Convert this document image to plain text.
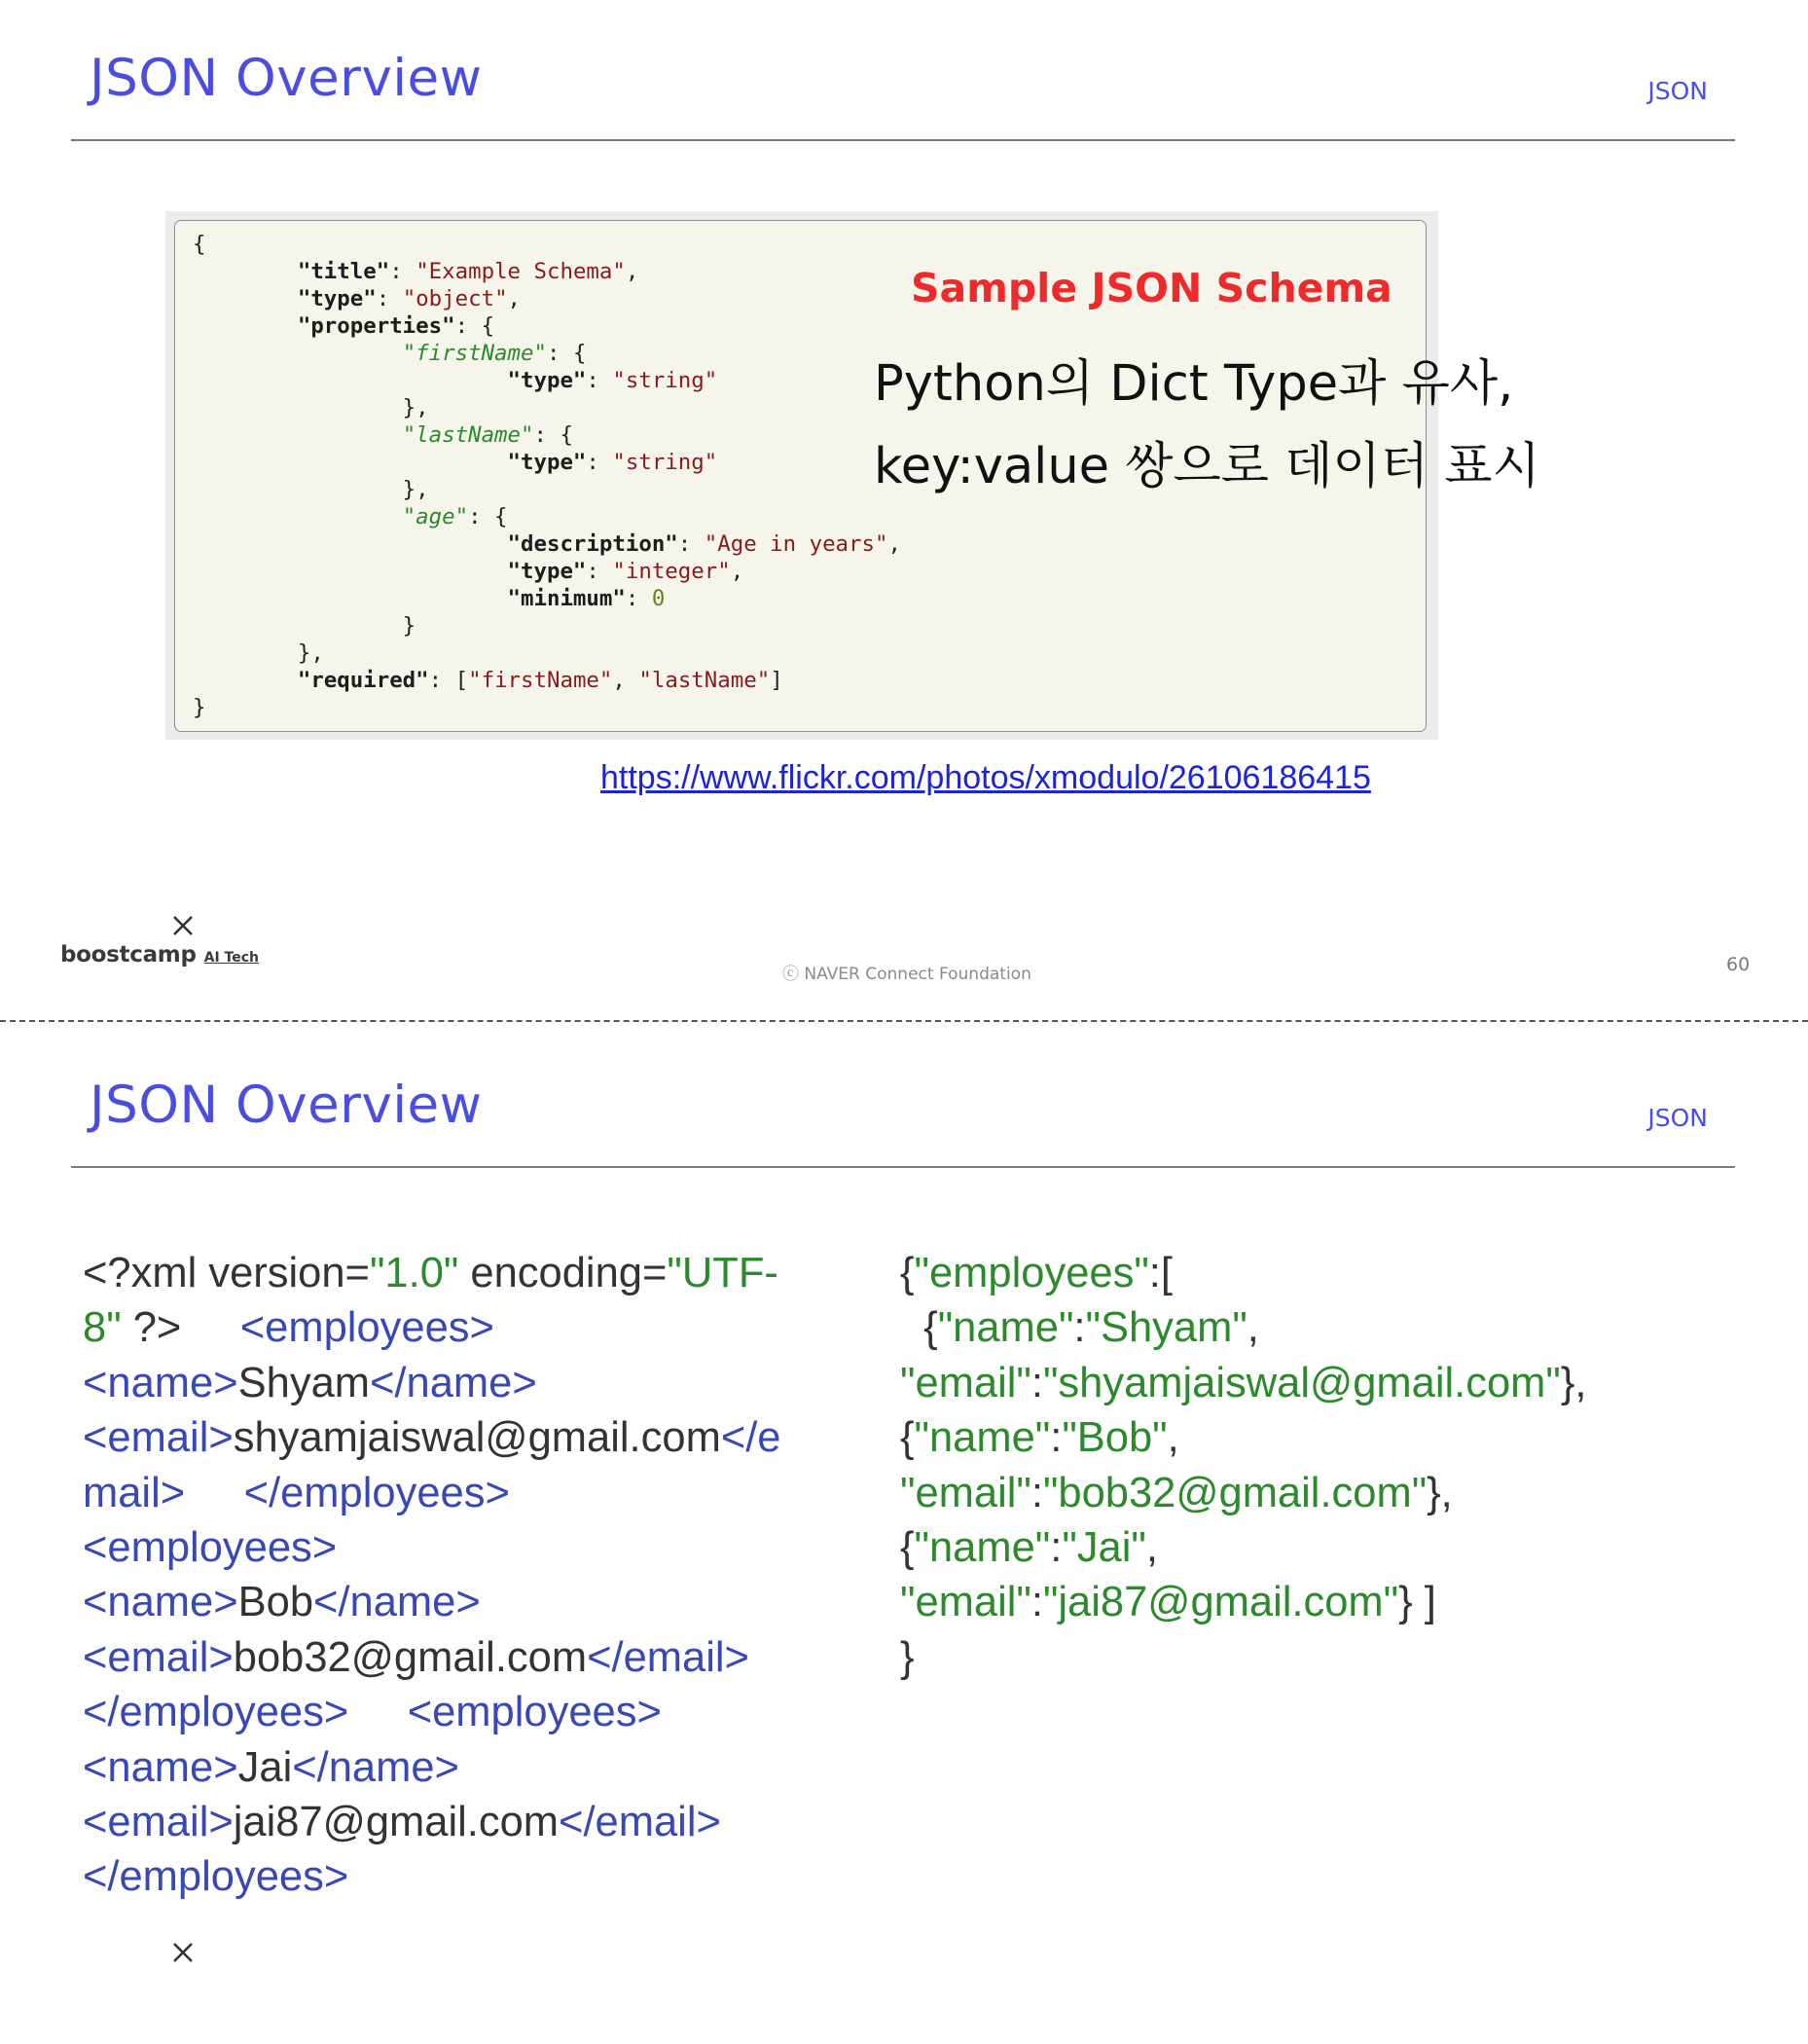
JSON Overview	JSON
{
"title": "Example Schema",
"type": "object",
"properties": {
"firstName": {
"type": "string"
},
"lastName": {
"type": "string"
},
"age": {
"description": "Age in years",
"type": "integer",
"minimum": 0
}
},
"required": ["firstName", "lastName"]
}
Sample JSON Schema
Python의 Dict Type과 유사,
key:value 쌍으로 데이터 표시
https://www.flickr.com/photos/xmodulo/26106186415
boostcamp AI Tech
ⓒ NAVER Connect Foundation	60
JSON Overview	JSON
<?xml version="1.0" encoding="UTF-
8" ?>     <employees>
<name>Shyam</name>
<email>shyamjaiswal@gmail.com</e
mail> </employees>
<employees>
<name>Bob</name>
<email>bob32@gmail.com</email>
</employees> <employees>
<name>Jai</name>
<email>jai87@gmail.com</email>
</employees>
{"employees":[
{"name":"Shyam",
"email":"shyamjaiswal@gmail.com"},
{"name":"Bob",
"email":"bob32@gmail.com"},
{"name":"Jai",
"email":"jai87@gmail.com"} ]
}
